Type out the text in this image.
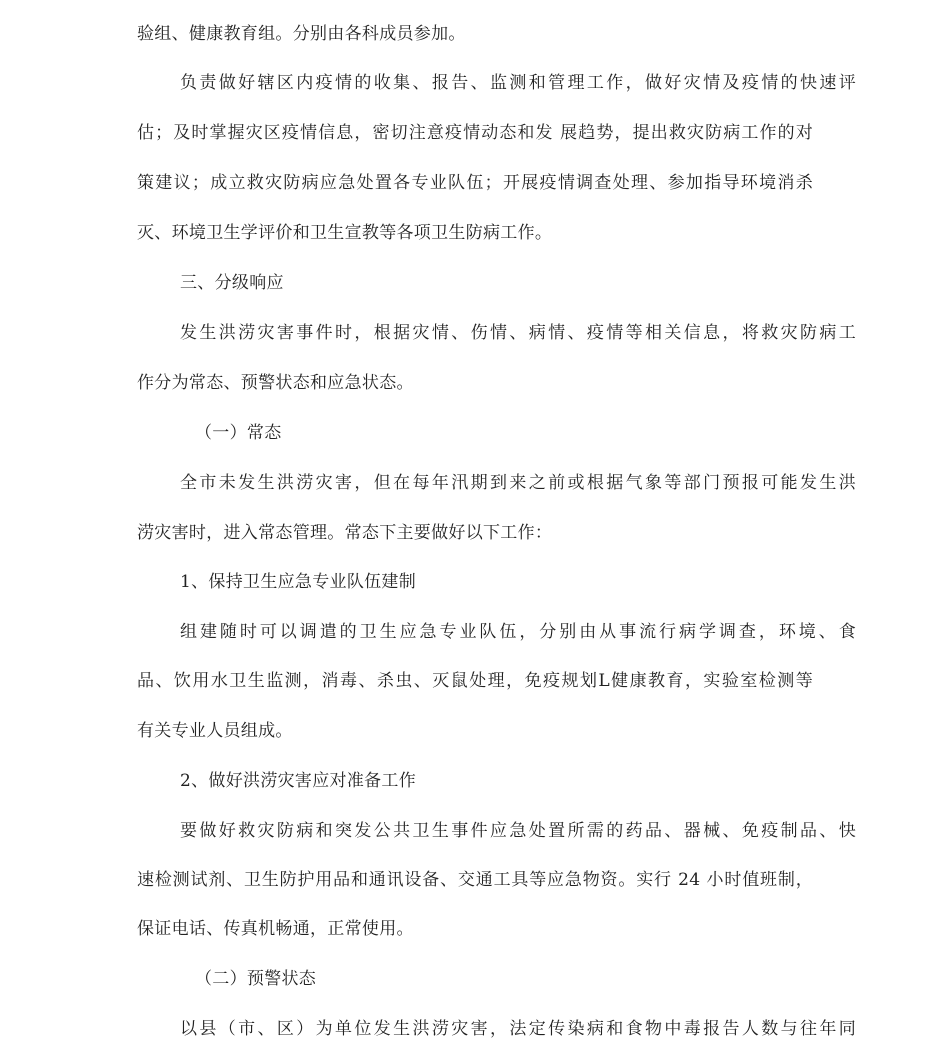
验组、健康教育组。分别由各科成员参加。
负责做好辖区内疫情的收集、报告、监测和管理工作，做好灾情及疫情的快速评
估；及时掌握灾区疫情信息，密切注意疫情动态和发 展趋势，提出救灾防病工作的对
策建议；成立救灾防病应急处置各专业队伍；开展疫情调查处理、参加指导环境消杀
灭、环境卫生学评价和卫生宣教等各项卫生防病工作。
三、分级响应
发生洪涝灾害事件时，根据灾情、伤情、病情、疫情等相关信息，将救灾防病工
作分为常态、预警状态和应急状态。
（一）常态
全市未发生洪涝灾害，但在每年汛期到来之前或根据气象等部门预报可能发生洪
涝灾害时，进入常态管理。常态下主要做好以下工作：
1、保持卫生应急专业队伍建制
组建随时可以调遣的卫生应急专业队伍，分别由从事流行病学调查，环境、食
品、饮用水卫生监测，消毒、杀虫、灭鼠处理，免疫规划L健康教育，实验室检测等
有关专业人员组成。
2、做好洪涝灾害应对准备工作
要做好救灾防病和突发公共卫生事件应急处置所需的药品、器械、免疫制品、快
速检测试剂、卫生防护用品和通讯设备、交通工具等应急物资。实行 24 小时值班制，
保证电话、传真机畅通，正常使用。
（二）预警状态
以县（市、区）为单位发生洪涝灾害，法定传染病和食物中毒报告人数与往年同
